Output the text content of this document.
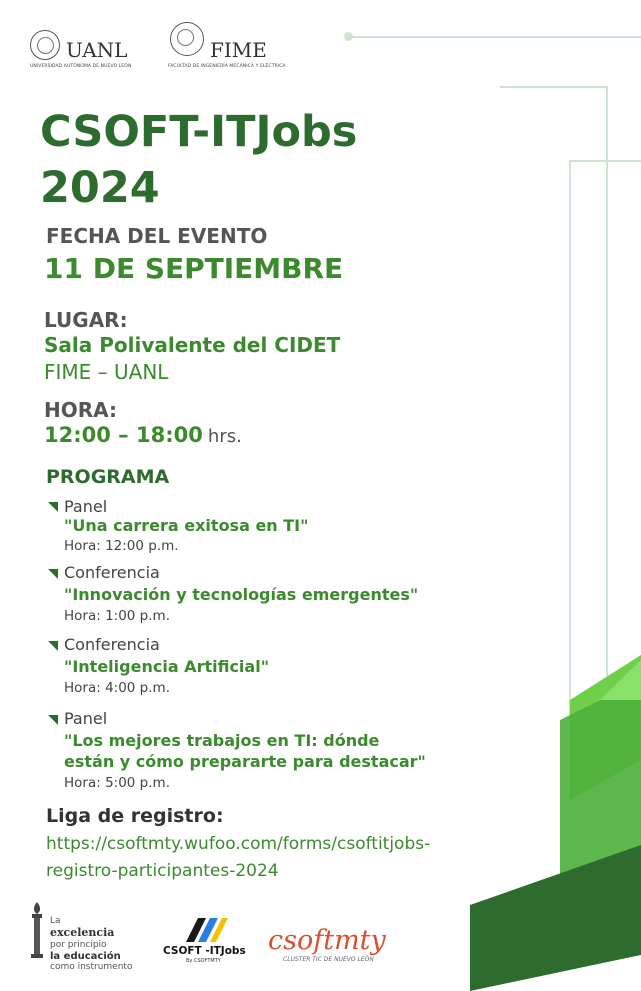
UANL
UNIVERSIDAD AUTÓNOMA DE NUEVO LEÓN
FIME
FACULTAD DE INGENIERÍA MECÁNICA Y ELÉCTRICA
CSOFT-ITJobs
2024
FECHA DEL EVENTO
11 DE SEPTIEMBRE
LUGAR:
Sala Polivalente del CIDET
FIME – UANL
HORA:
12:00 – 18:00 hrs.
PROGRAMA
Panel
"Una carrera exitosa en TI"
Hora: 12:00 p.m.
Conferencia
"Innovación y tecnologías emergentes"
Hora: 1:00 p.m.
Conferencia
"Inteligencia Artificial"
Hora: 4:00 p.m.
Panel
"Los mejores trabajos en TI: dónde
están y cómo prepararte para destacar"
Hora: 5:00 p.m.
Liga de registro:
https://csoftmty.wufoo.com/forms/csoftitjobs-
registro-participantes-2024
La
excelencia
por principio
la educación
como instrumento
CSOFT -ITJobs
By CSOFTMTY
csoftmty
CLUSTER TIC DE NUEVO LEÓN
